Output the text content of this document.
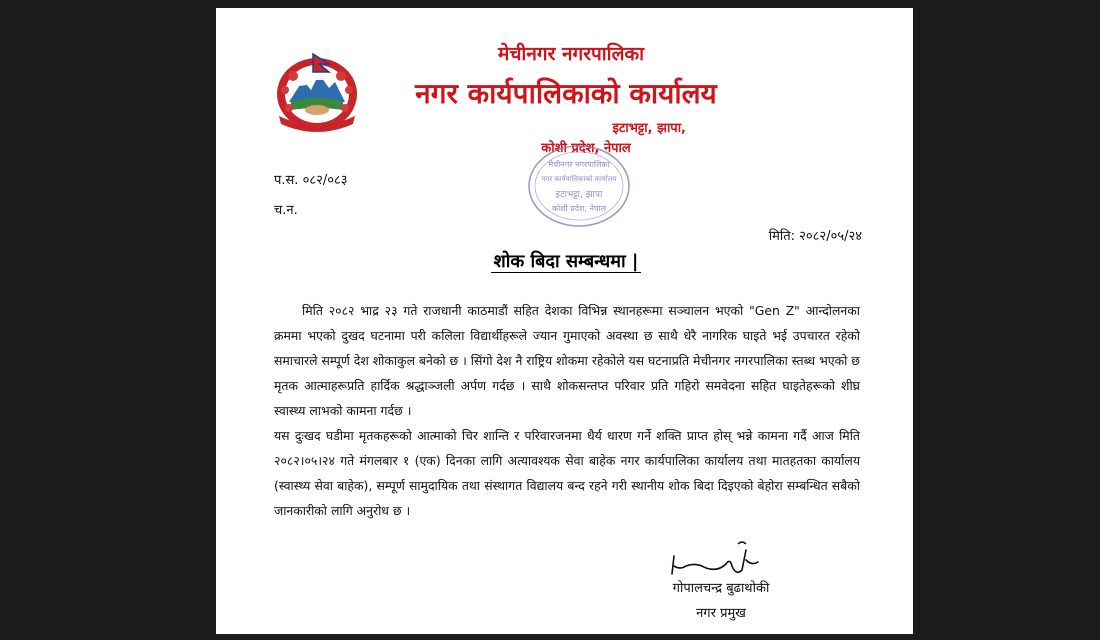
मेचीनगर नगरपालिका
नगर कार्यपालिकाको कार्यालय
इटाभट्टा, झापा,
कोशी प्रदेश, नेपाल
मेचीनगर नगरपालिका
नगर कार्यपालिकाको कार्यालय
इटाभट्टा, झापा
कोशी प्रदेश, नेपाल
प.स. ०८२/०८३
च.न.
मिति: २०८२/०५/२४
शोक बिदा सम्बन्धमा |

मिति २०८२ भाद्र २३ गते राजधानी काठमाडौं सहित देशका विभिन्न स्थानहरूमा सञ्चालन भएको "Gen Z" आन्दोलनका क्रममा भएको दुखद घटनामा परी कलिला विद्यार्थीहरूले ज्यान गुमाएको अवस्था छ साथै धेरै नागरिक घाइते भई उपचारत रहेको समाचारले सम्पूर्ण देश शोकाकुल बनेको छ । सिंगो देश नै राष्ट्रिय शोकमा रहेकोले यस घटनाप्रति मेचीनगर नगरपालिका स्तब्ध भएको छ मृतक आत्माहरूप्रति हार्दिक श्रद्धाञ्जली अर्पण गर्दछ । साथै शोकसन्तप्त परिवार प्रति गहिरो समवेदना सहित घाइतेहरूको शीघ्र स्वास्थ्य लाभको कामना गर्दछ ।

यस दुःखद घडीमा मृतकहरूको आत्माको चिर शान्ति र परिवारजनमा धैर्य धारण गर्ने शक्ति प्राप्त होस् भन्ने कामना गर्दै आज मिति २०८२।०५।२४ गते मंगलबार १ (एक) दिनका लागि अत्यावश्यक सेवा बाहेक नगर कार्यपालिका कार्यालय तथा मातहतका कार्यालय (स्वास्थ्य सेवा बाहेक), सम्पूर्ण सामुदायिक तथा संस्थागत विद्यालय बन्द रहने गरी स्थानीय शोक बिदा दिइएको बेहोरा सम्बन्धित सबैको जानकारीको लागि अनुरोध छ ।

गोपालचन्द्र बुढाथोकी
नगर प्रमुख
